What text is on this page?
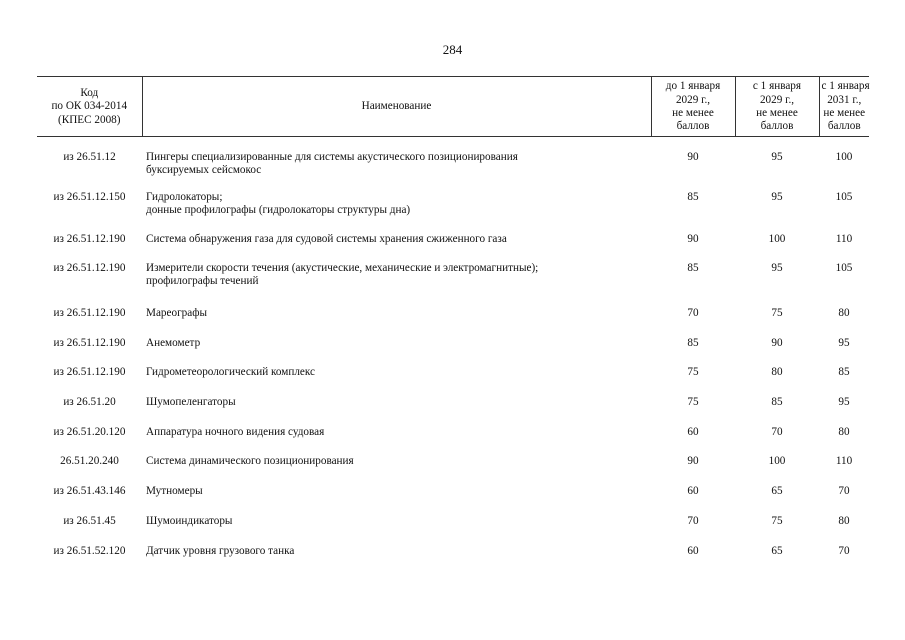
284
Код
по ОК 034-2014
(КПЕС 2008)	Наименование	до 1 января
2029 г.,
не менее
баллов	с 1 января
2029 г.,
не менее
баллов	с 1 января
2031 г.,
не менее
баллов

из 26.51.12	Пингеры специализированные для системы акустического позиционирования
буксируемых сейсмокос	90	95	100
из 26.51.12.150	Гидролокаторы;
донные профилографы (гидролокаторы структуры дна)	85	95	105
из 26.51.12.190	Система обнаружения газа для судовой системы хранения сжиженного газа	90	100	110
из 26.51.12.190	Измерители скорости течения (акустические, механические и электромагнитные);
профилографы течений	85	95	105
из 26.51.12.190	Мареографы	70	75	80
из 26.51.12.190	Анемометр	85	90	95
из 26.51.12.190	Гидрометеорологический комплекс	75	80	85
из 26.51.20	Шумопеленгаторы	75	85	95
из 26.51.20.120	Аппаратура ночного видения судовая	60	70	80
26.51.20.240	Система динамического позиционирования	90	100	110
из 26.51.43.146	Мутномеры	60	65	70
из 26.51.45	Шумоиндикаторы	70	75	80
из 26.51.52.120	Датчик уровня грузового танка	60	65	70
